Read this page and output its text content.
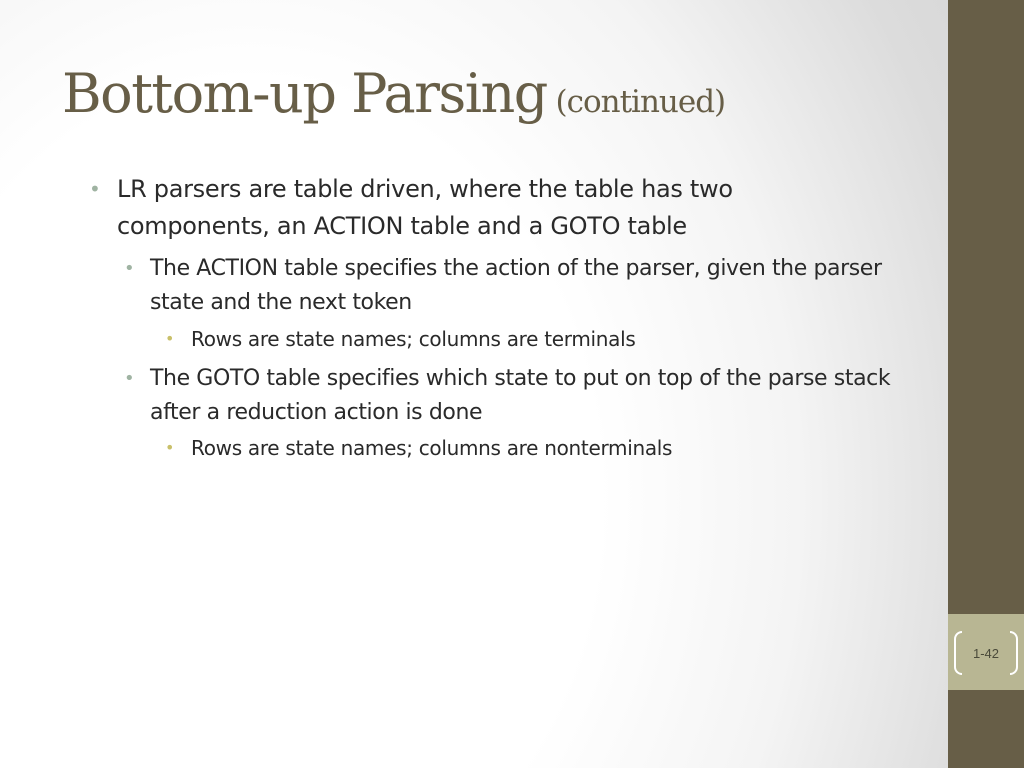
Bottom-up Parsing (continued)
• LR parsers are table driven, where the table has two components, an ACTION table and a GOTO table
• The ACTION table specifies the action of the parser, given the parser state and the next token
• Rows are state names; columns are terminals
• The GOTO table specifies which state to put on top of the parse stack after a reduction action is done
• Rows are state names; columns are nonterminals
1-42
